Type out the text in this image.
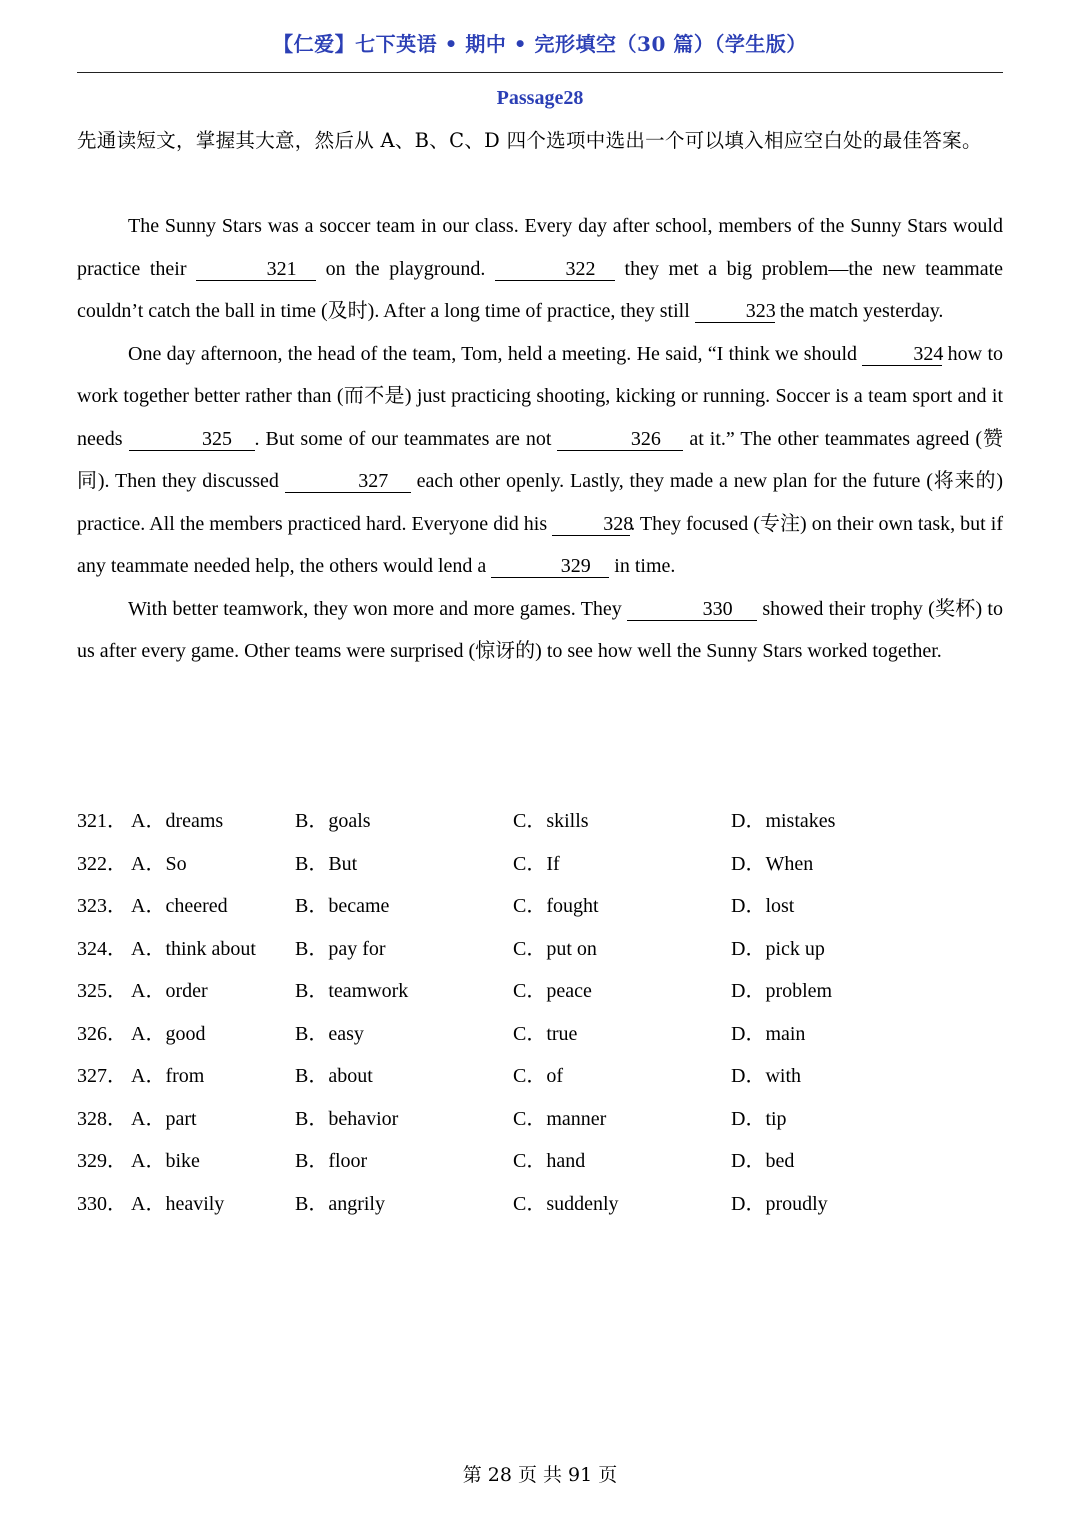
【仁爱】七下英语 • 期中 • 完形填空（30 篇）（学生版）
Passage28
先通读短文，掌握其大意，然后从 A、B、C、D 四个选项中选出一个可以填入相应空白处的最佳答案。

The Sunny Stars was a soccer team in our class. Every day after school, members of the Sunny Stars would practice their	321 on the playground.	322 they met a big problem—the new teammate couldn’t catch the ball in time (及时). After a long time of practice, they still	323 the match yesterday.

One day afternoon, the head of the team, Tom, held a meeting. He said, “I think we should	324 how to work together better rather than (而不是) just practicing shooting, kicking or running. Soccer is a team sport and it needs	325 . But some of our teammates are not	326 at it.” The other teammates agreed (赞同). Then they discussed	327 each other openly. Lastly, they made a new plan for the future (将来的) practice. All the members practiced hard. Everyone did his	328. They focused (专注) on their own task, but if any teammate needed help, the others would lend a	329 in time.

With better teamwork, they won more and more games. They	330 showed their trophy (奖杯) to us after every game. Other teams were surprised (惊讶的) to see how well the Sunny Stars worked together.

321． A．dreams	B．goals	C．skills	D．mistakes
322． A．So	B．But	C．If	D．When
323． A．cheered	B．became	C．fought	D．lost
324． A．think about B．pay for	C．put on	D．pick up
325． A．order	B．teamwork	C．peace	D．problem
326． A．good	B．easy	C．true	D．main
327． A．from	B．about	C．of	D．with
328． A．part	B．behavior	C．manner	D．tip
329． A．bike	B．floor	C．hand	D．bed
330． A．heavily	B．angrily	C．suddenly	D．proudly
第 28 页 共 91 页
